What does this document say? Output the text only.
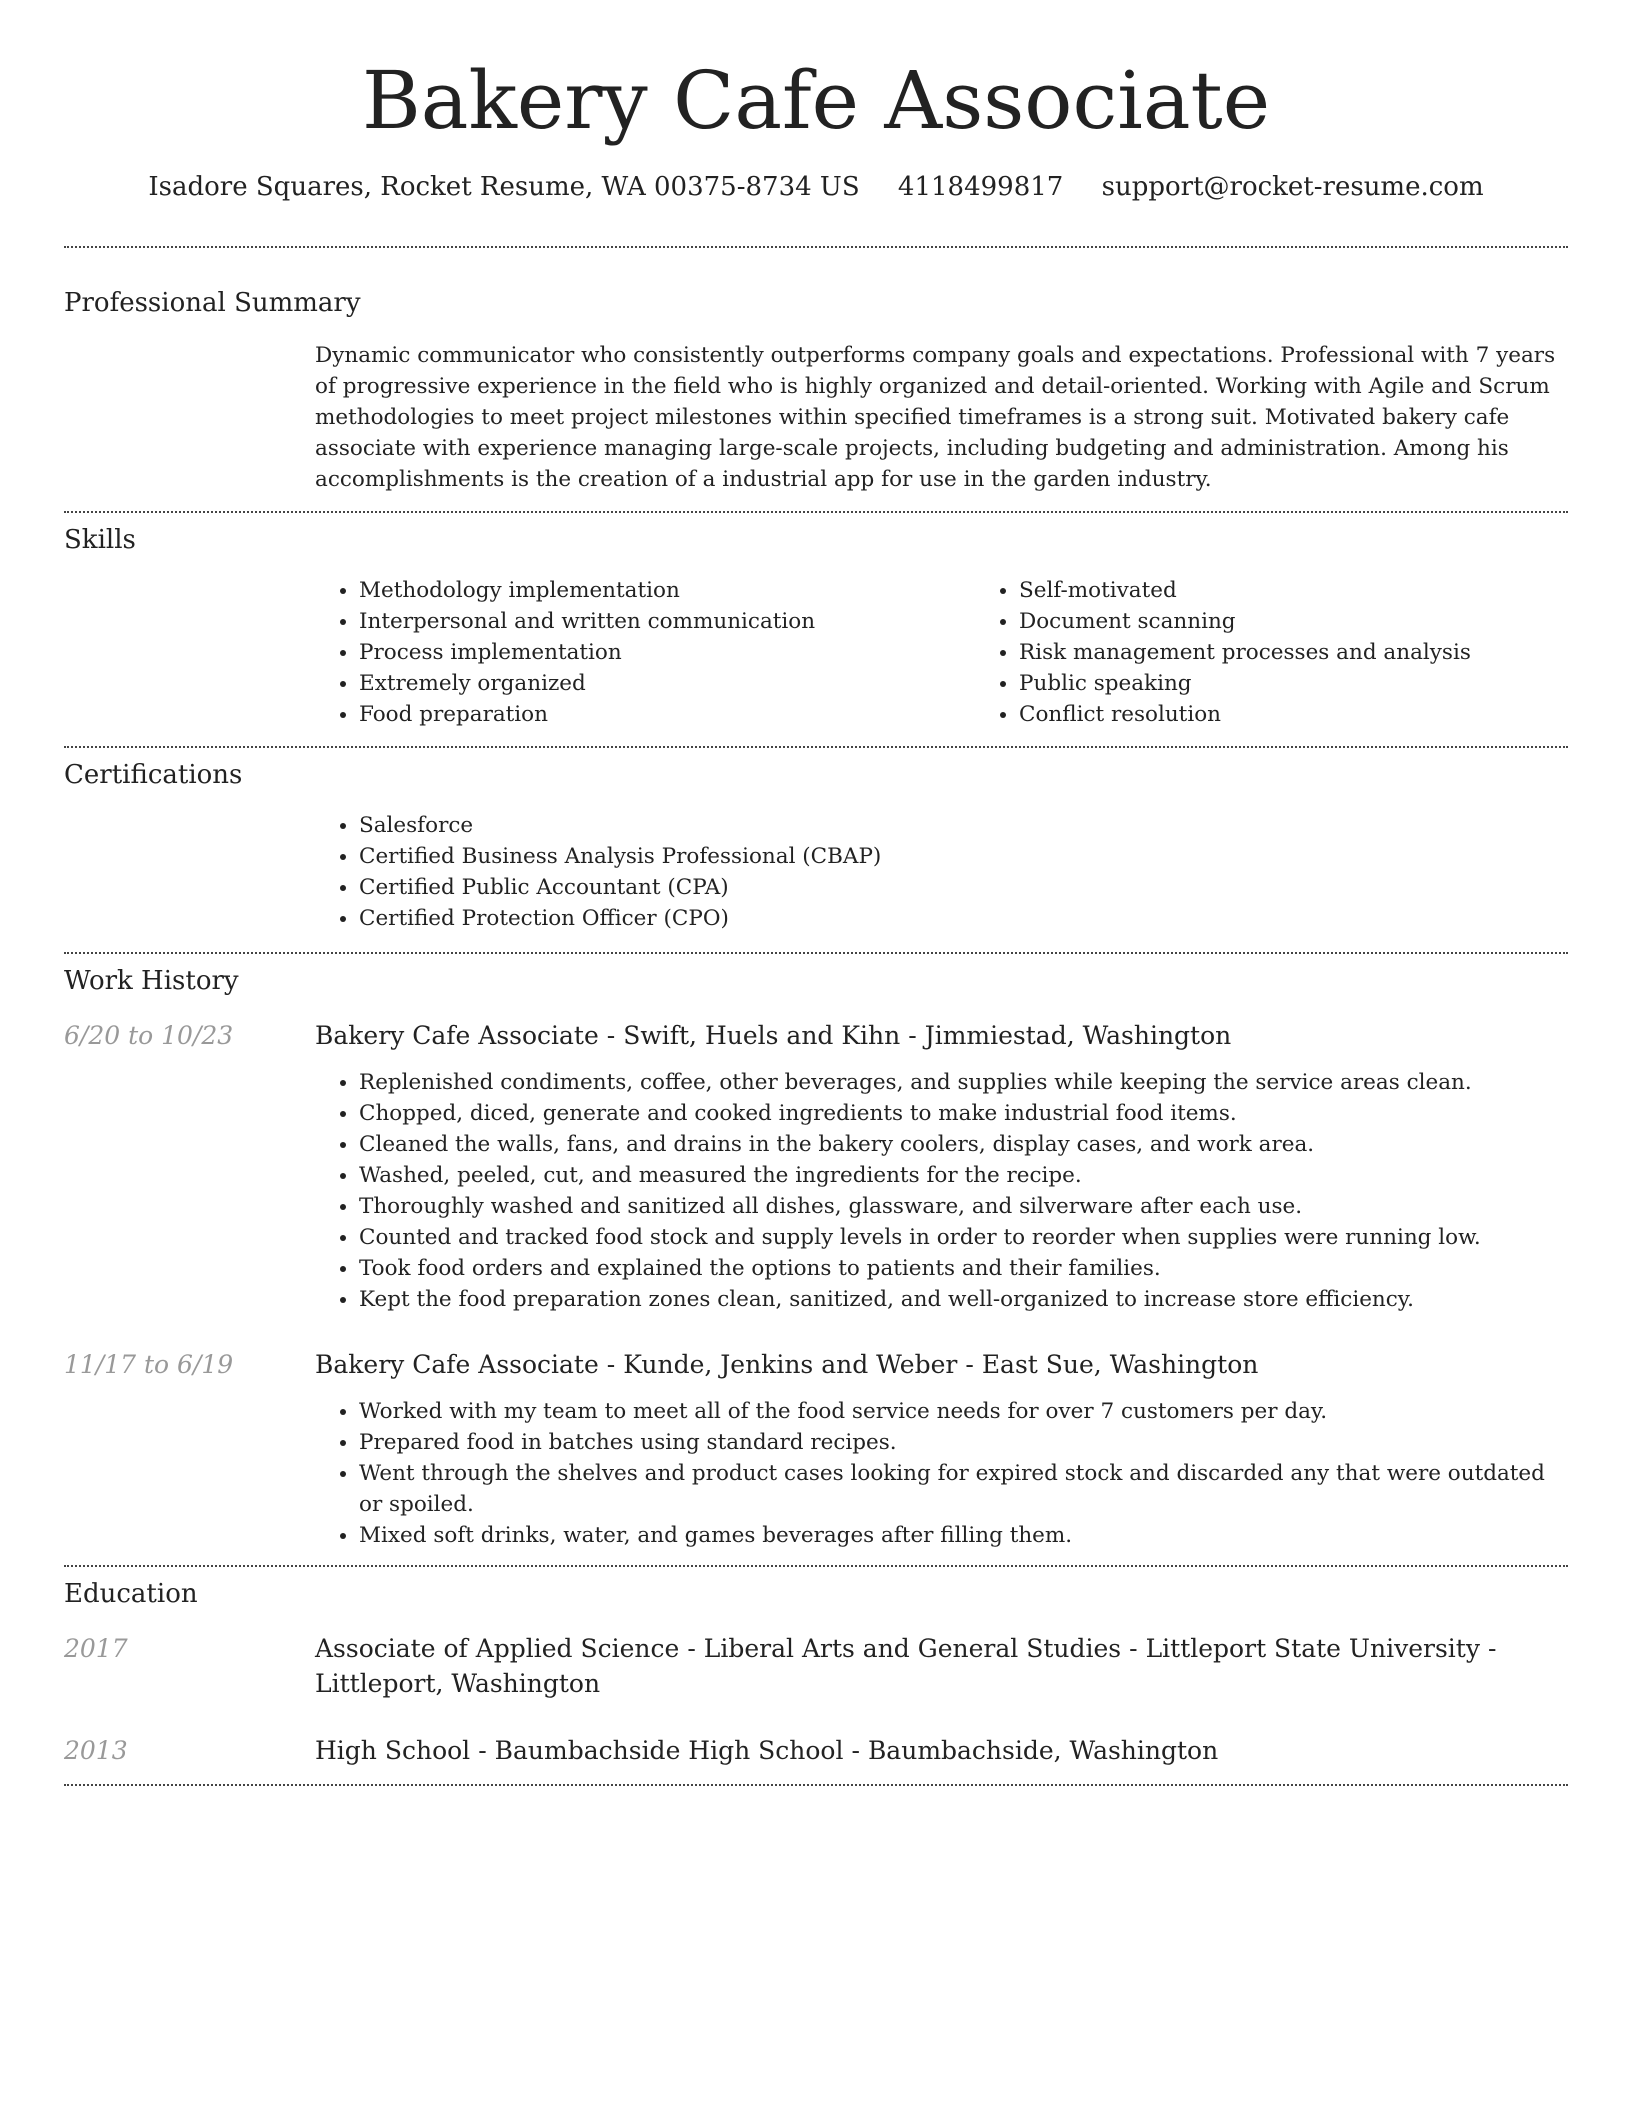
Bakery Cafe Associate
Isadore Squares, Rocket Resume, WA 00375-8734 US 4118499817 support@rocket-resume.com
Professional Summary

Dynamic communicator who consistently outperforms company goals and expectations. Professional with 7 years of progressive experience in the field who is highly organized and detail-oriented. Working with Agile and Scrum methodologies to meet project milestones within specified timeframes is a strong suit. Motivated bakery cafe associate with experience managing large-scale projects, including budgeting and administration. Among his accomplishments is the creation of a industrial app for use in the garden industry.

Skills
• Methodology implementation
• Interpersonal and written communication
• Process implementation
• Extremely organized
• Food preparation
• Self-motivated
• Document scanning
• Risk management processes and analysis
• Public speaking
• Conflict resolution
Certifications
• Salesforce
• Certified Business Analysis Professional (CBAP)
• Certified Public Accountant (CPA)
• Certified Protection Officer (CPO)
Work History
6/20 to 10/23	Bakery Cafe Associate - Swift, Huels and Kihn - Jimmiestad, Washington

• Replenished condiments, coffee, other beverages, and supplies while keeping the service areas clean.
• Chopped, diced, generate and cooked ingredients to make industrial food items.
• Cleaned the walls, fans, and drains in the bakery coolers, display cases, and work area.
• Washed, peeled, cut, and measured the ingredients for the recipe.
• Thoroughly washed and sanitized all dishes, glassware, and silverware after each use.
• Counted and tracked food stock and supply levels in order to reorder when supplies were running low.
• Took food orders and explained the options to patients and their families.
• Kept the food preparation zones clean, sanitized, and well-organized to increase store efficiency.
11/17 to 6/19	Bakery Cafe Associate - Kunde, Jenkins and Weber - East Sue, Washington

• Worked with my team to meet all of the food service needs for over 7 customers per day.
• Prepared food in batches using standard recipes.
• Went through the shelves and product cases looking for expired stock and discarded any that were outdated or spoiled.
• Mixed soft drinks, water, and games beverages after filling them.
Education
2017	Associate of Applied Science - Liberal Arts and General Studies - Littleport State University -Littleport, Washington

2013	High School - Baumbachside High School - Baumbachside, Washington
